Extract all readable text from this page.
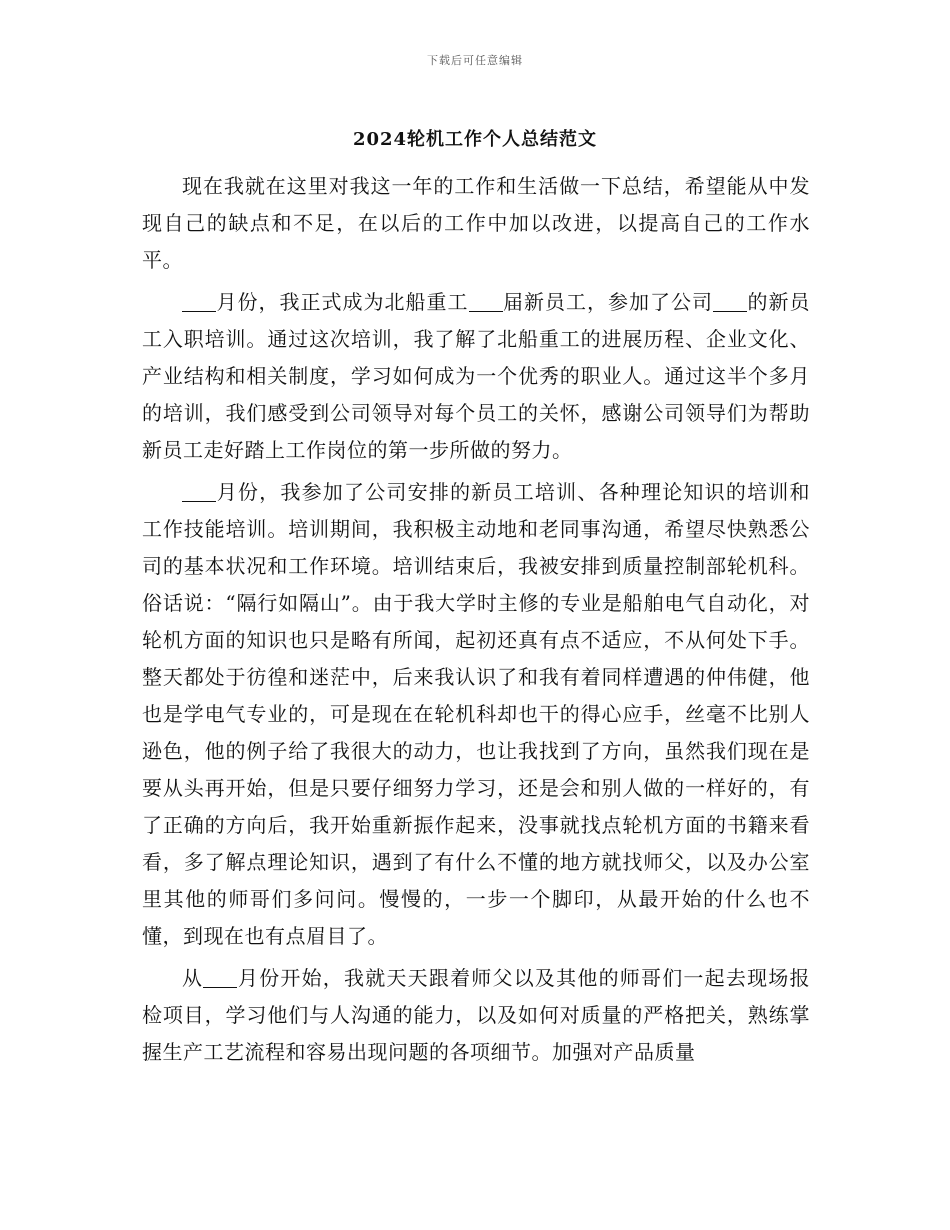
下载后可任意编辑
2024轮机工作个人总结范文

现在我就在这里对我这一年的工作和生活做一下总结，希望能从中发现自己的缺点和不足，在以后的工作中加以改进，以提高自己的工作水平。

月份，我正式成为北船重工 届新员工，参加了公司 的新员工入职培训。通过这次培训，我了解了北船重工的进展历程、企业文化、产业结构和相关制度，学习如何成为一个优秀的职业人。通过这半个多月的培训，我们感受到公司领导对每个员工的关怀，感谢公司领导们为帮助新员工走好踏上工作岗位的第一步所做的努力。

月份，我参加了公司安排的新员工培训、各种理论知识的培训和工作技能培训。培训期间，我积极主动地和老同事沟通，希望尽快熟悉公司的基本状况和工作环境。培训结束后，我被安排到质量控制部轮机科。俗话说：“隔行如隔山”。由于我大学时主修的专业是船舶电气自动化，对轮机方面的知识也只是略有所闻，起初还真有点不适应，不从何处下手。整天都处于彷徨和迷茫中，后来我认识了和我有着同样遭遇的仲伟健，他也是学电气专业的，可是现在在轮机科却也干的得心应手，丝毫不比别人逊色，他的例子给了我很大的动力，也让我找到了方向，虽然我们现在是要从头再开始，但是只要仔细努力学习，还是会和别人做的一样好的，有了正确的方向后，我开始重新振作起来，没事就找点轮机方面的书籍来看看，多了解点理论知识，遇到了有什么不懂的地方就找师父，以及办公室里其他的师哥们多问问。慢慢的，一步一个脚印，从最开始的什么也不懂，到现在也有点眉目了。

从 月份开始，我就天天跟着师父以及其他的师哥们一起去现场报检项目，学习他们与人沟通的能力，以及如何对质量的严格把关，熟练掌握生产工艺流程和容易出现问题的各项细节。加强对产品质量
